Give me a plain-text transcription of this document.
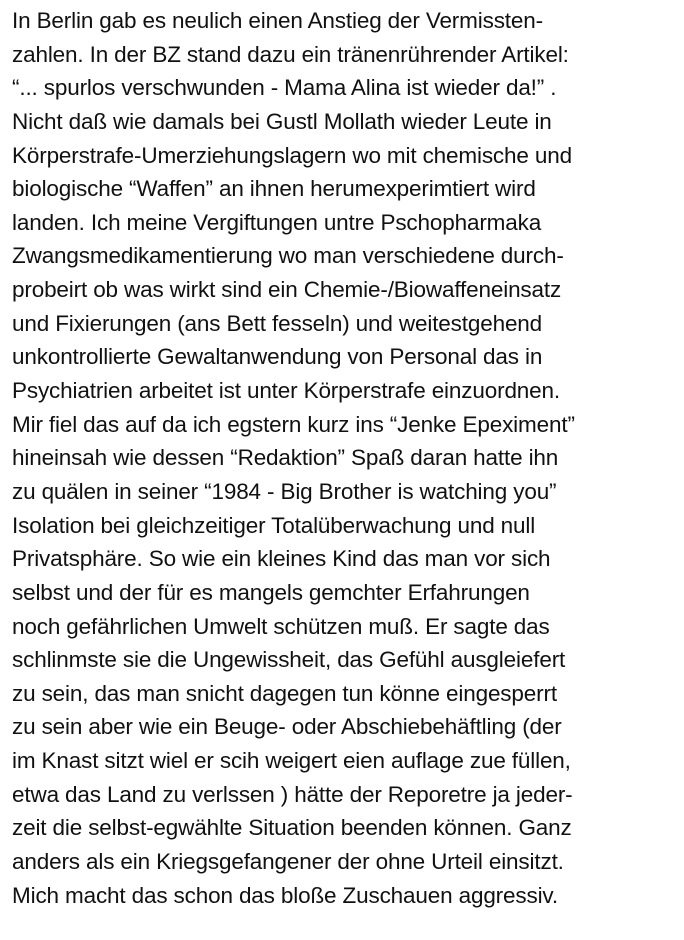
In Berlin gab es neulich einen Anstieg der Vermissten-
zahlen. In der BZ stand dazu ein tränenrührender Artikel:
“... spurlos verschwunden - Mama Alina ist wieder da!” .
Nicht daß wie damals bei Gustl Mollath wieder Leute in
Körperstrafe-Umerziehungslagern wo mit chemische und
biologische “Waffen” an ihnen herumexperimtiert wird
landen. Ich meine Vergiftungen untre Pschopharmaka
Zwangsmedikamentierung wo man verschiedene durch-
probeirt ob was wirkt sind ein Chemie-/Biowaffeneinsatz
und Fixierungen (ans Bett fesseln) und weitestgehend
unkontrollierte Gewaltanwendung von Personal das in
Psychiatrien arbeitet ist unter Körperstrafe einzuordnen.
Mir fiel das auf da ich egstern kurz ins “Jenke Epeximent”
hineinsah wie dessen “Redaktion” Spaß daran hatte ihn
zu quälen in seiner “1984 - Big Brother is watching you”
Isolation bei gleichzeitiger Totalüberwachung und null
Privatsphäre. So wie ein kleines Kind das man vor sich
selbst und der für es mangels gemchter Erfahrungen
noch gefährlichen Umwelt schützen muß. Er sagte das
schlinmste sie die Ungewissheit, das Gefühl ausgleiefert
zu sein, das man snicht dagegen tun könne eingesperrt
zu sein aber wie ein Beuge- oder Abschiebehäftling (der
im Knast sitzt wiel er scih weigert eien auflage zue füllen,
etwa das Land zu verlssen ) hätte der Reporetre ja jeder-
zeit die selbst-egwählte Situation beenden können. Ganz
anders als ein Kriegsgefangener der ohne Urteil einsitzt.
Mich macht das schon das bloße Zuschauen aggressiv.
